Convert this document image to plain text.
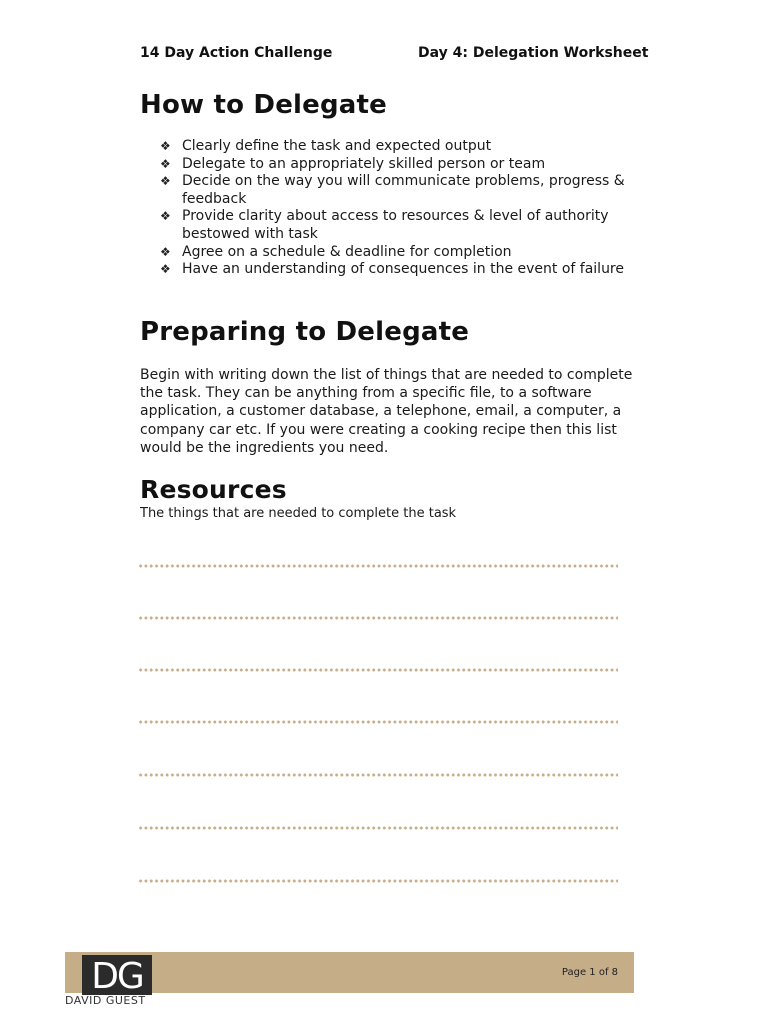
14 Day Action Challenge	Day 4: Delegation Worksheet
How to Delegate
❖ Clearly define the task and expected output
❖ Delegate to an appropriately skilled person or team
❖ Decide on the way you will communicate problems, progress & feedback
❖ Provide clarity about access to resources & level of authority bestowed with task
❖ Agree on a schedule & deadline for completion
❖ Have an understanding of consequences in the event of failure
Preparing to Delegate

Begin with writing down the list of things that are needed to complete the task. They can be anything from a specific file, to a software application, a customer database, a telephone, email, a computer, a company car etc. If you were creating a cooking recipe then this list would be the ingredients you need.

Resources

The things that are needed to complete the task

Page 1 of 8
DG
DAVID GUEST
